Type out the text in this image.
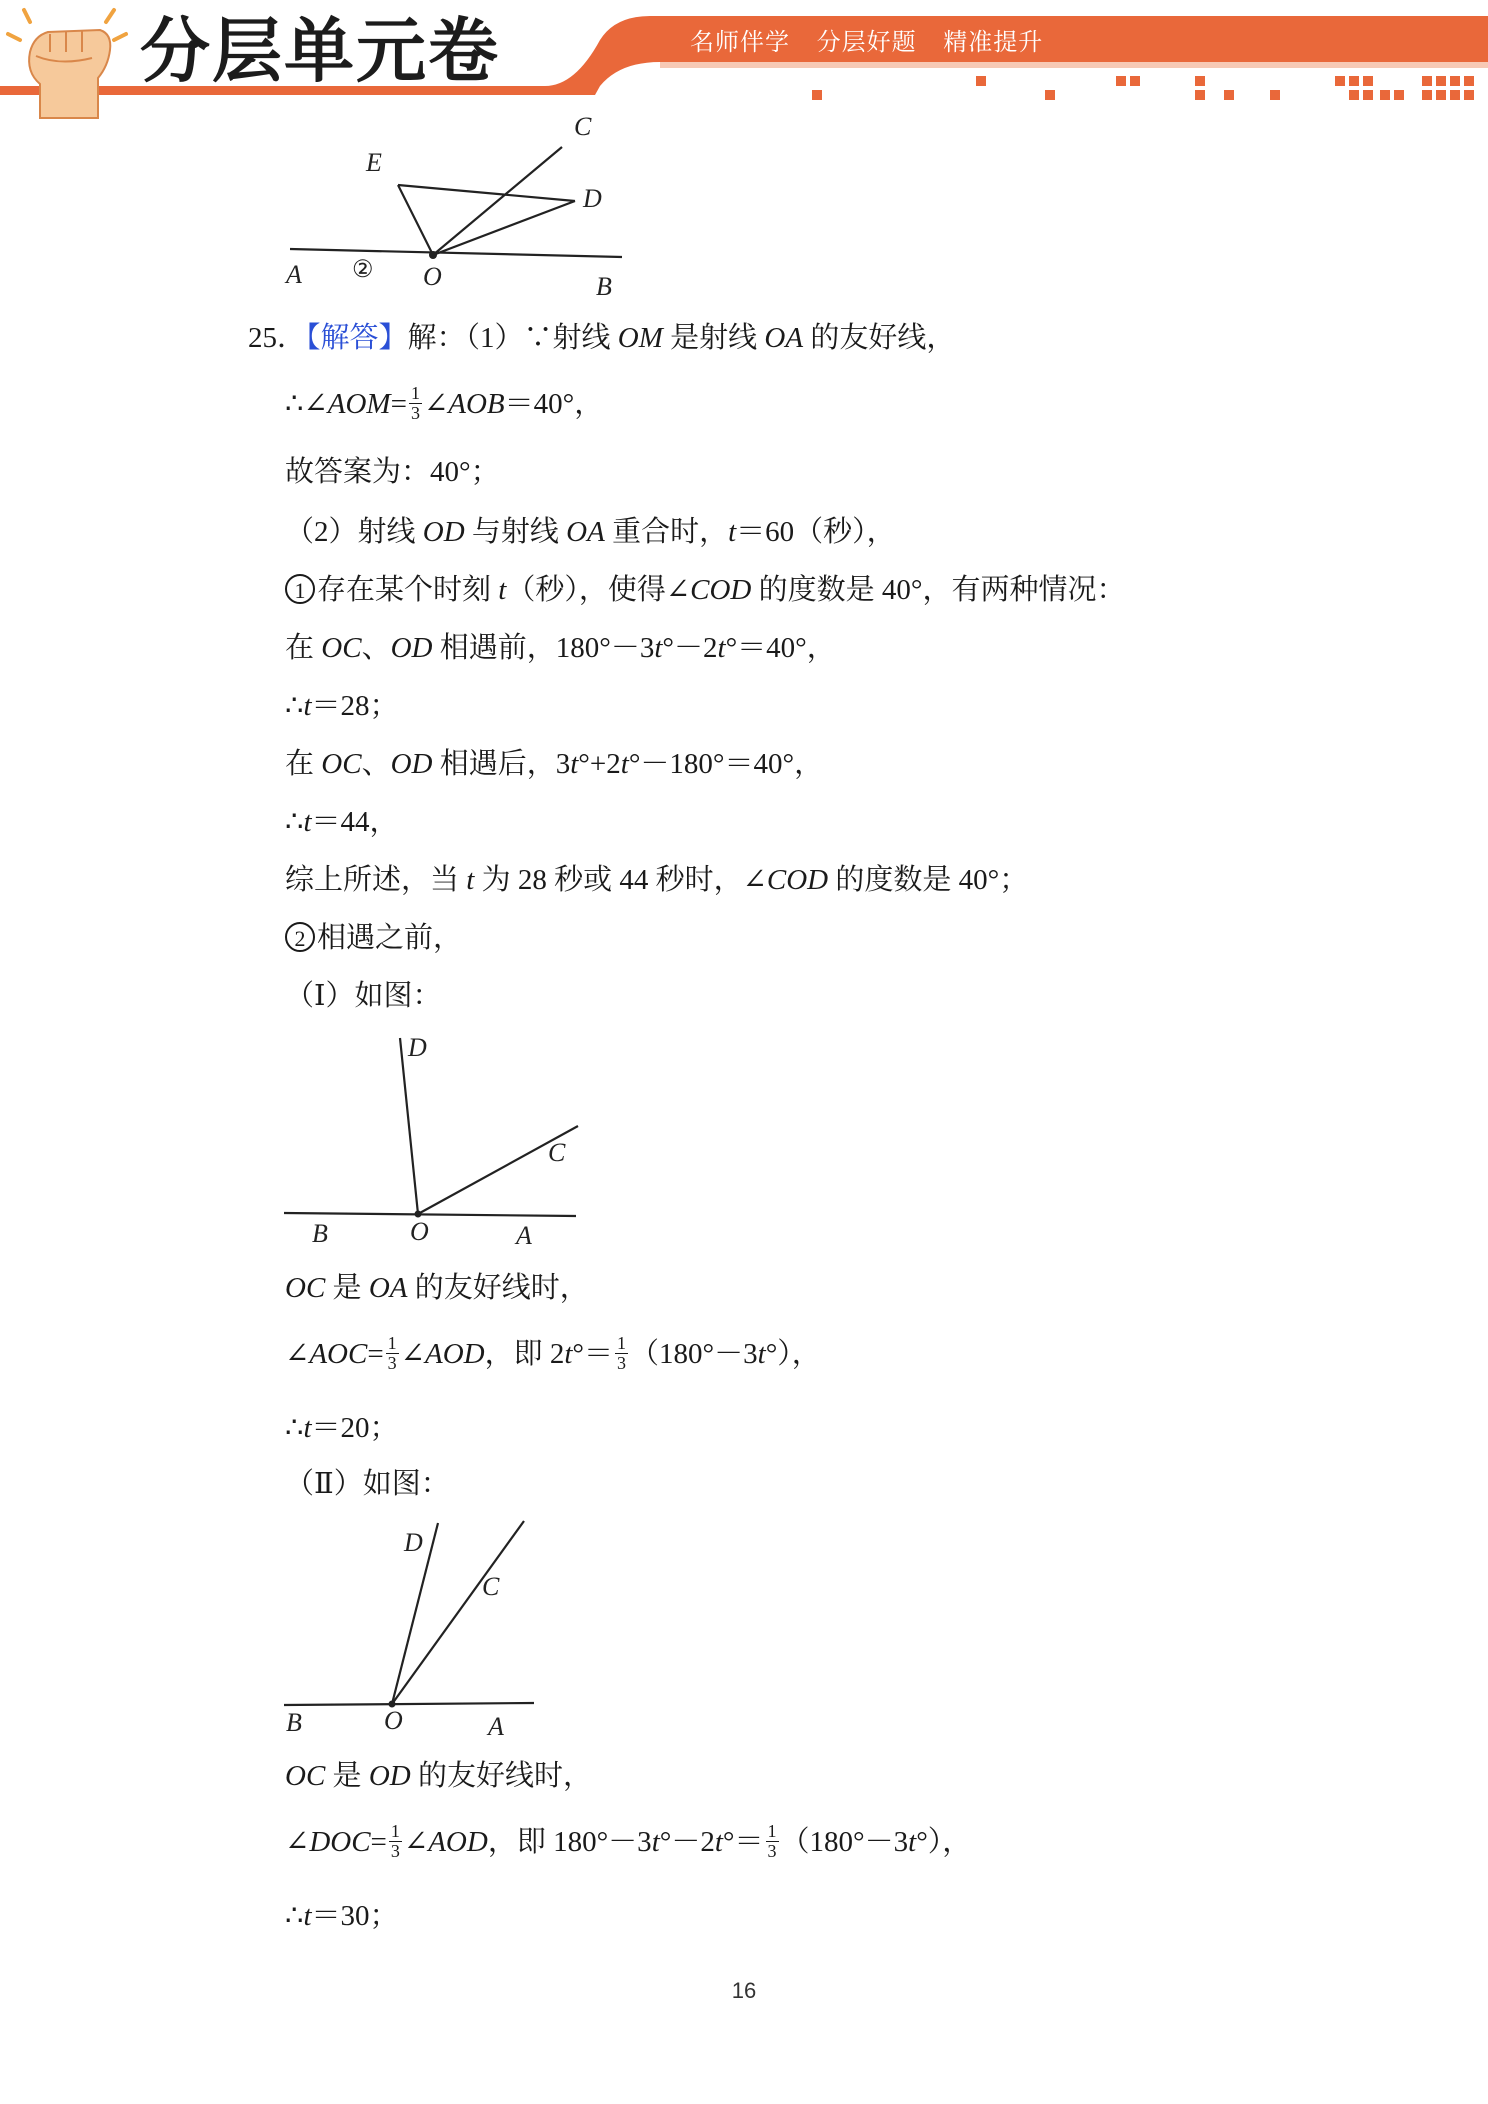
分层单元卷	名师伴学 分层好题 精准提升
C
E
D
A ② O	B
25．【解答】解：（1）∵射线 OM 是射线 OA 的友好线，
∴∠AOM= $\frac{1}{3}$ ∠AOB＝40°，
故答案为：40°；
（2）射线 OD 与射线 OA 重合时，t＝60（秒），
1 存在某个时刻 t（秒），使得∠COD 的度数是 40°，有两种情况：
在 OC、OD 相遇前，180°－3t°－2t°＝40°，
∴t＝28；
在 OC、OD 相遇后，3t°+2t°－180°＝40°，
∴t＝44，
综上所述，当 t 为 28 秒或 44 秒时，∠COD 的度数是 40°；
2 相遇之前，
（Ⅰ）如图：
D
C
B	O	A
OC 是 OA 的友好线时，
∠AOC= $\frac{1}{3}$ ∠AOD，即 $2t^\circ= \frac{1}{3} (180^\circ-3t^\circ)$，
∴t＝20；
（Ⅱ）如图：
D
C
B	O	A
OC 是 OD 的友好线时，
∠DOC= $\frac{1}{3}$ ∠AOD，即 $180^\circ-3t^\circ-2t^\circ= \frac{1}{3} (180^\circ-3t^\circ)$，
∴t＝30；
16
